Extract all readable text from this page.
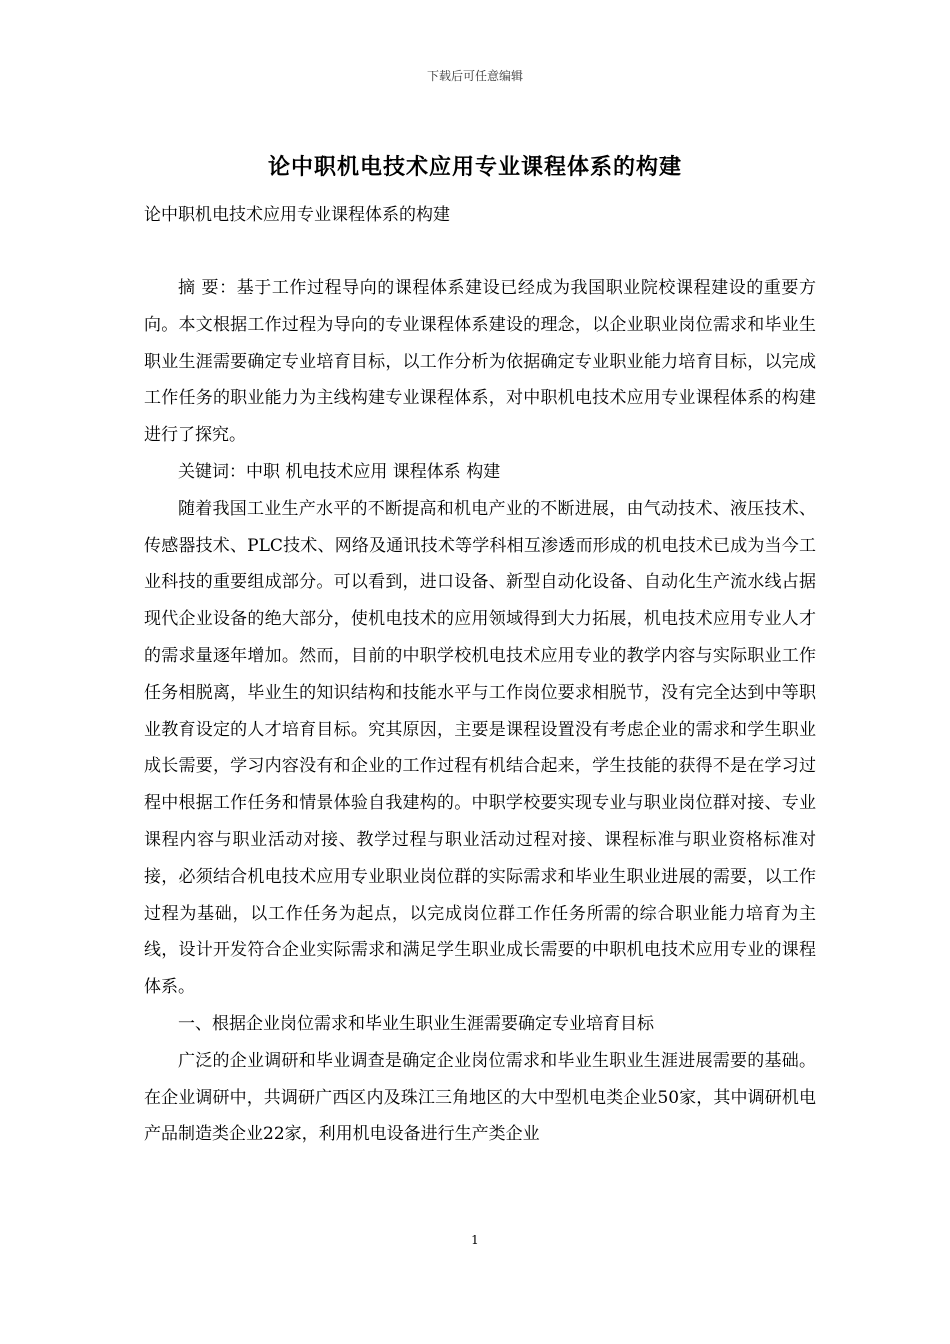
下载后可任意编辑
论中职机电技术应用专业课程体系的构建
论中职机电技术应用专业课程体系的构建

摘 要：基于工作过程导向的课程体系建设已经成为我国职业院校课程建设的重要方向。本文根据工作过程为导向的专业课程体系建设的理念，以企业职业岗位需求和毕业生职业生涯需要确定专业培育目标，以工作分析为依据确定专业职业能力培育目标，以完成工作任务的职业能力为主线构建专业课程体系，对中职机电技术应用专业课程体系的构建进行了探究。

关键词：中职 机电技术应用 课程体系 构建

随着我国工业生产水平的不断提高和机电产业的不断进展，由气动技术、液压技术、传感器技术、PLC技术、网络及通讯技术等学科相互渗透而形成的机电技术已成为当今工业科技的重要组成部分。可以看到，进口设备、新型自动化设备、自动化生产流水线占据现代企业设备的绝大部分，使机电技术的应用领域得到大力拓展，机电技术应用专业人才的需求量逐年增加。然而，目前的中职学校机电技术应用专业的教学内容与实际职业工作任务相脱离，毕业生的知识结构和技能水平与工作岗位要求相脱节，没有完全达到中等职业教育设定的人才培育目标。究其原因，主要是课程设置没有考虑企业的需求和学生职业成长需要，学习内容没有和企业的工作过程有机结合起来，学生技能的获得不是在学习过程中根据工作任务和情景体验自我建构的。中职学校要实现专业与职业岗位群对接、专业课程内容与职业活动对接、教学过程与职业活动过程对接、课程标准与职业资格标准对接，必须结合机电技术应用专业职业岗位群的实际需求和毕业生职业进展的需要，以工作过程为基础，以工作任务为起点，以完成岗位群工作任务所需的综合职业能力培育为主线，设计开发符合企业实际需求和满足学生职业成长需要的中职机电技术应用专业的课程体系。

一、根据企业岗位需求和毕业生职业生涯需要确定专业培育目标

广泛的企业调研和毕业调查是确定企业岗位需求和毕业生职业生涯进展需要的基础。在企业调研中，共调研广西区内及珠江三角地区的大中型机电类企业50家，其中调研机电产品制造类企业22家，利用机电设备进行生产类企业

1
